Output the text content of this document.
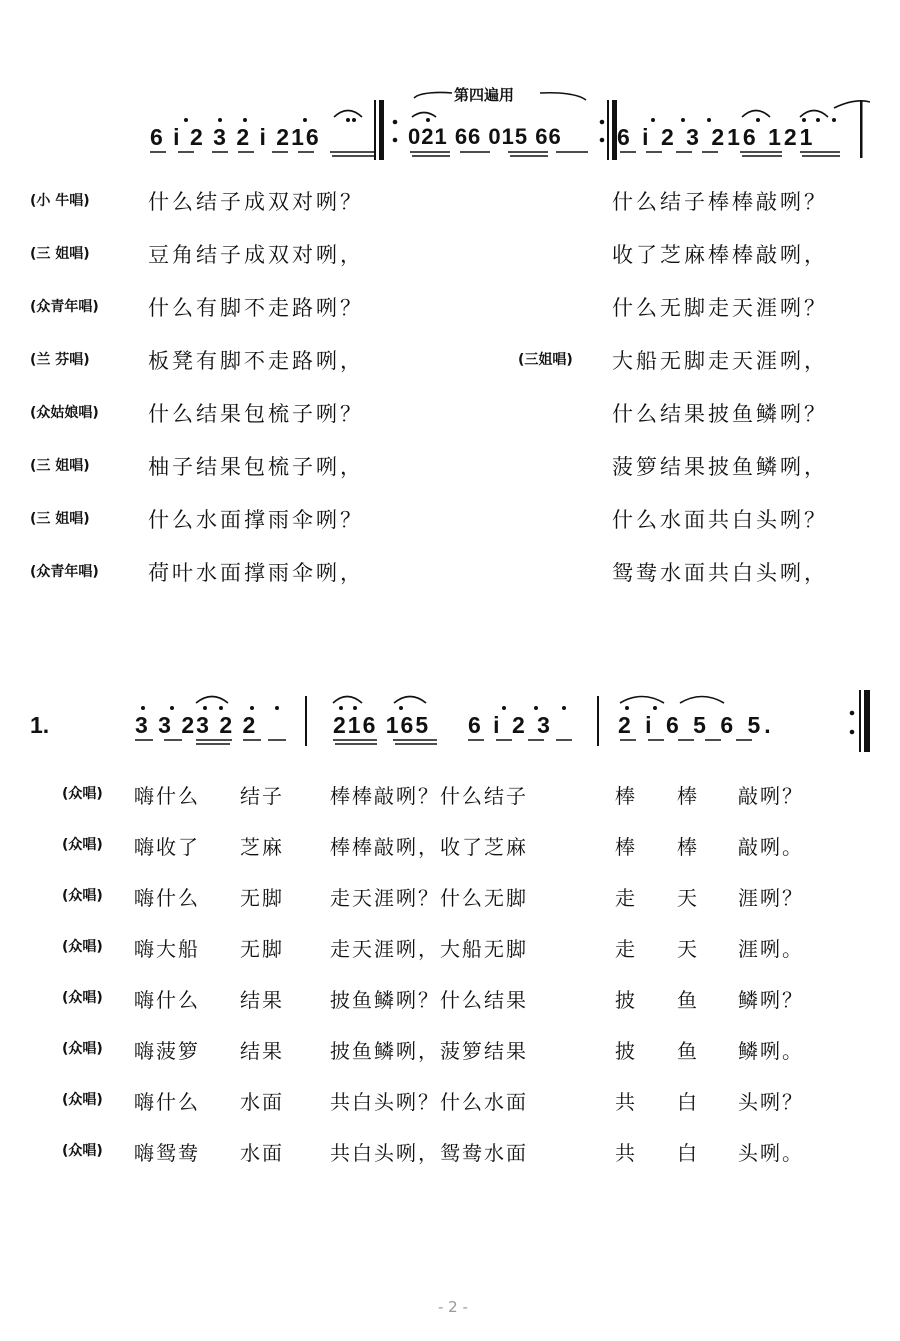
第四遍用
6 i 2 3 2 i 216	021 66 015 66 6 i 2 3 216 121
(小 牛唱)	什么结子成双对咧？	什么结子棒棒敲咧？
(三 姐唱)	豆角结子成双对咧，	收了芝麻棒棒敲咧，
(众青年唱) 什么有脚不走路咧？	什么无脚走天涯咧？
(兰 芬唱)	板凳有脚不走路咧，	(三姐唱) 大船无脚走天涯咧，
(众姑娘唱) 什么结果包梳子咧？	什么结果披鱼鳞咧？
(三 姐唱)	柚子结果包梳子咧，	菠箩结果披鱼鳞咧，
(三 姐唱)	什么水面撑雨伞咧？	什么水面共白头咧？
(众青年唱) 荷叶水面撑雨伞咧，	鸳鸯水面共白头咧，
1.	3 3 23 2 2	216 165 6 i 2 3	2 i 6 5 6 5.
(众唱) 嗨什么 结子 棒棒敲咧？什么结子	棒 棒 敲咧？
(众唱) 嗨收了 芝麻 棒棒敲咧，收了芝麻	棒 棒 敲咧。
(众唱) 嗨什么 无脚 走天涯咧？什么无脚	走 天 涯咧？
(众唱) 嗨大船 无脚 走天涯咧，大船无脚	走 天 涯咧。
(众唱) 嗨什么 结果 披鱼鳞咧？什么结果	披 鱼 鳞咧？
(众唱) 嗨菠箩 结果 披鱼鳞咧，菠箩结果	披 鱼 鳞咧。
(众唱) 嗨什么 水面 共白头咧？什么水面	共 白 头咧？
(众唱) 嗨鸳鸯 水面 共白头咧，鸳鸯水面	共 白 头咧。
- 2 -
